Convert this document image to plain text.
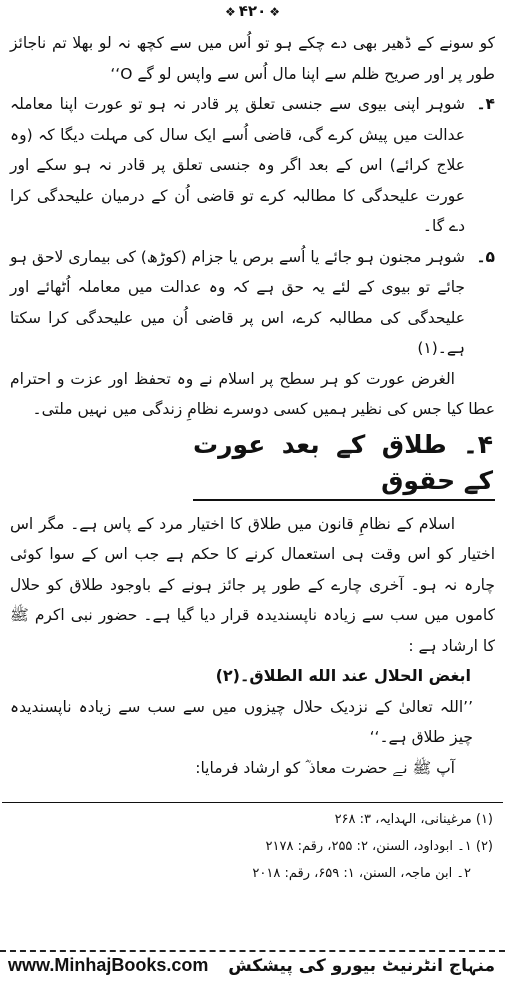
❖ ۴۲۰ ❖

کو سونے کے ڈھیر بھی دے چکے ہو تو اُس میں سے کچھ نہ لو بھلا تم ناجائز طور پر اور صریح ظلم سے اپنا مال اُس سے واپس لو گے O‘‘

۴۔

شوہر اپنی بیوی سے جنسی تعلق پر قادر نہ ہو تو عورت اپنا معاملہ عدالت میں پیش کرے گی، قاضی اُسے ایک سال کی مہلت دیگا کہ (وہ علاج کرائے) اس کے بعد اگر وہ جنسی تعلق پر قادر نہ ہو سکے اور عورت علیحدگی کا مطالبہ کرے تو قاضی اُن کے درمیان علیحدگی کرا دے گا۔

۵۔

شوہر مجنون ہو جائے یا اُسے برص یا جزام (کوڑھ) کی بیماری لاحق ہو جائے تو بیوی کے لئے یہ حق ہے کہ وہ عدالت میں معاملہ اُٹھائے اور علیحدگی کی مطالبہ کرے، اس پر قاضی اُن میں علیحدگی کرا سکتا ہے۔(۱)

الغرض عورت کو ہر سطح پر اسلام نے وہ تحفظ اور عزت و احترام عطا کیا جس کی نظیر ہمیں کسی دوسرے نظامِ زندگی میں نہیں ملتی۔

۴۔ طلاق کے بعد عورت کے حقوق

اسلام کے نظامِ قانون میں طلاق کا اختیار مرد کے پاس ہے۔ مگر اس اختیار کو اس وقت ہی استعمال کرنے کا حکم ہے جب اس کے سوا کوئی چارہ نہ ہو۔ آخری چارے کے طور پر جائز ہونے کے باوجود طلاق کو حلال کاموں میں سب سے زیادہ ناپسندیدہ قرار دیا گیا ہے۔ حضور نبی اکرم ﷺ کا ارشاد ہے :

ابغض الحلال عند الله الطلاق۔(۲)

’’اللہ تعالیٰ کے نزدیک حلال چیزوں میں سے سب سے زیادہ ناپسندیدہ چیز طلاق ہے۔‘‘

آپ ﷺ نے حضرت معاذ ؓ کو ارشاد فرمایا:

(۱) مرغینانی، الہدایہ، ۳: ۲۶۸
(۲) ۱۔ ابوداود، السنن، ۲: ۲۵۵، رقم: ۲۱۷۸
۲۔ ابن ماجہ، السنن، ۱: ۶۵۹، رقم: ۲۰۱۸
www.MinhajBooks.com منہاج انٹرنیٹ بیورو کی پیشکش
